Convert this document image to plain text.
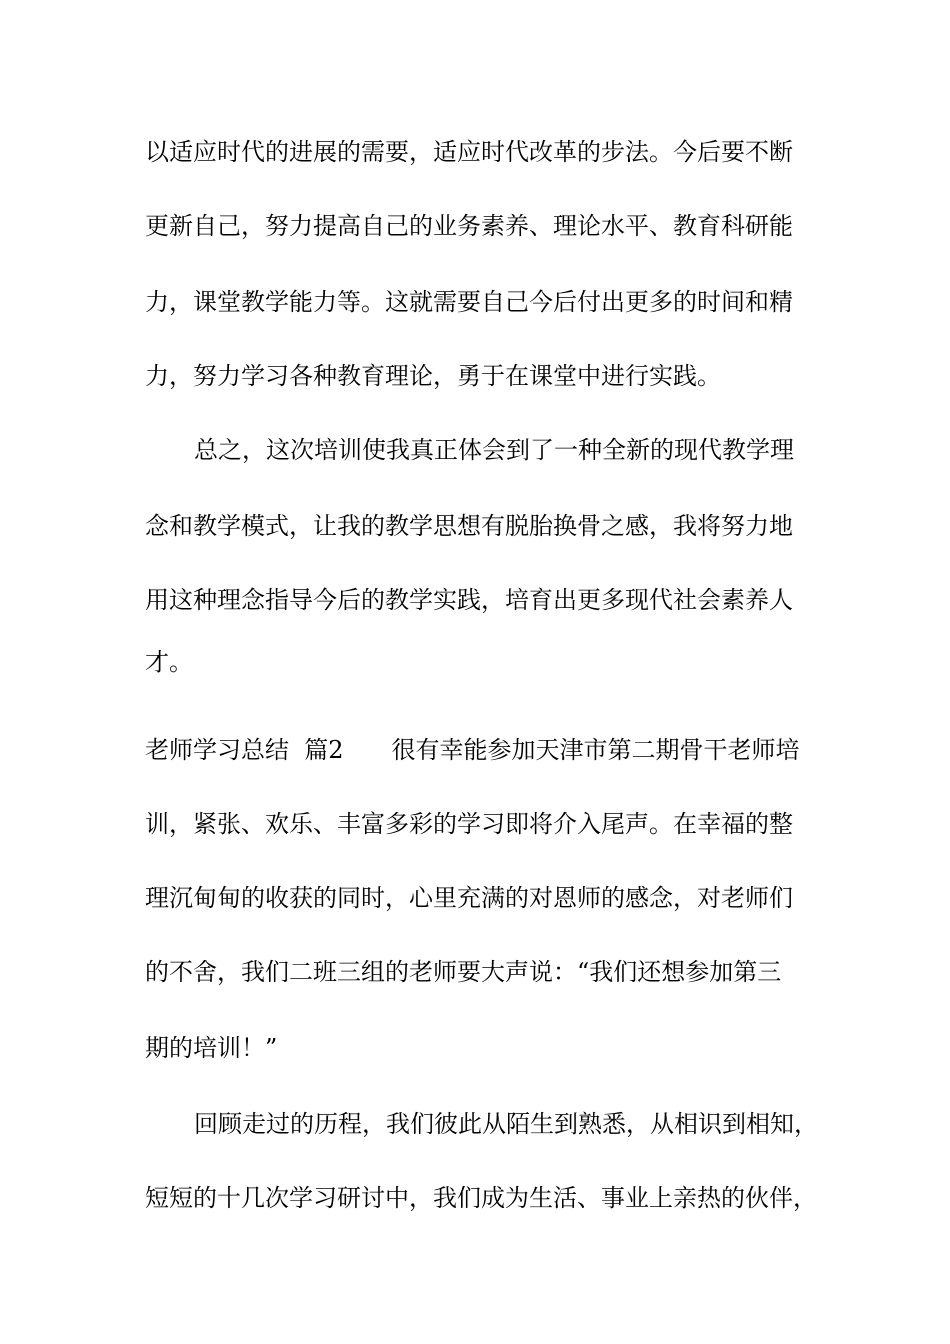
以适应时代的进展的需要，适应时代改革的步法。今后要不断
更新自己，努力提高自己的业务素养、理论水平、教育科研能
力，课堂教学能力等。这就需要自己今后付出更多的时间和精
力，努力学习各种教育理论，勇于在课堂中进行实践。
总之，这次培训使我真正体会到了一种全新的现代教学理
念和教学模式，让我的教学思想有脱胎换骨之感，我将努力地
用这种理念指导今后的教学实践，培育出更多现代社会素养人
才。
老师学习总结  篇2 很有幸能参加天津市第二期骨干老师培
训，紧张、欢乐、丰富多彩的学习即将介入尾声。在幸福的整
理沉甸甸的收获的同时，心里充满的对恩师的感念，对老师们
的不舍，我们二班三组的老师要大声说：“我们还想参加第三
期的培训！”
回顾走过的历程，我们彼此从陌生到熟悉，从相识到相知，
短短的十几次学习研讨中，我们成为生活、事业上亲热的伙伴，
